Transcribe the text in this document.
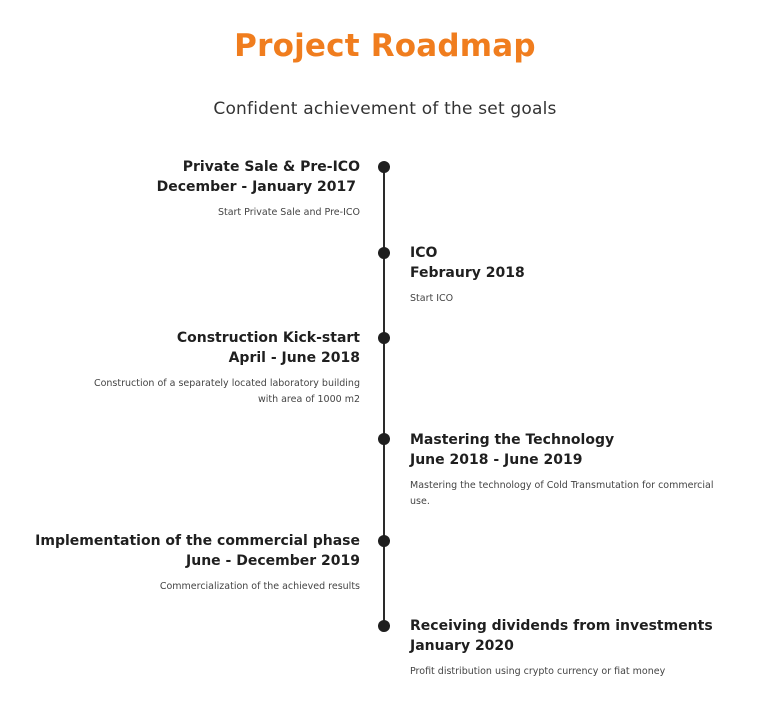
Project Roadmap
Confident achievement of the set goals
Private Sale & Pre-ICO
December - January 2017
Start Private Sale and Pre-ICO
ICO
Febraury 2018
Start ICO
Construction Kick-start
April - June 2018
Construction of a separately located laboratory building
with area of 1000 m2
Mastering the Technology
June 2018 - June 2019
Mastering the technology of Cold Transmutation for commercial
use.
Implementation of the commercial phase
June - December 2019
Commercialization of the achieved results
Receiving dividends from investments
January 2020
Profit distribution using crypto currency or fiat money
